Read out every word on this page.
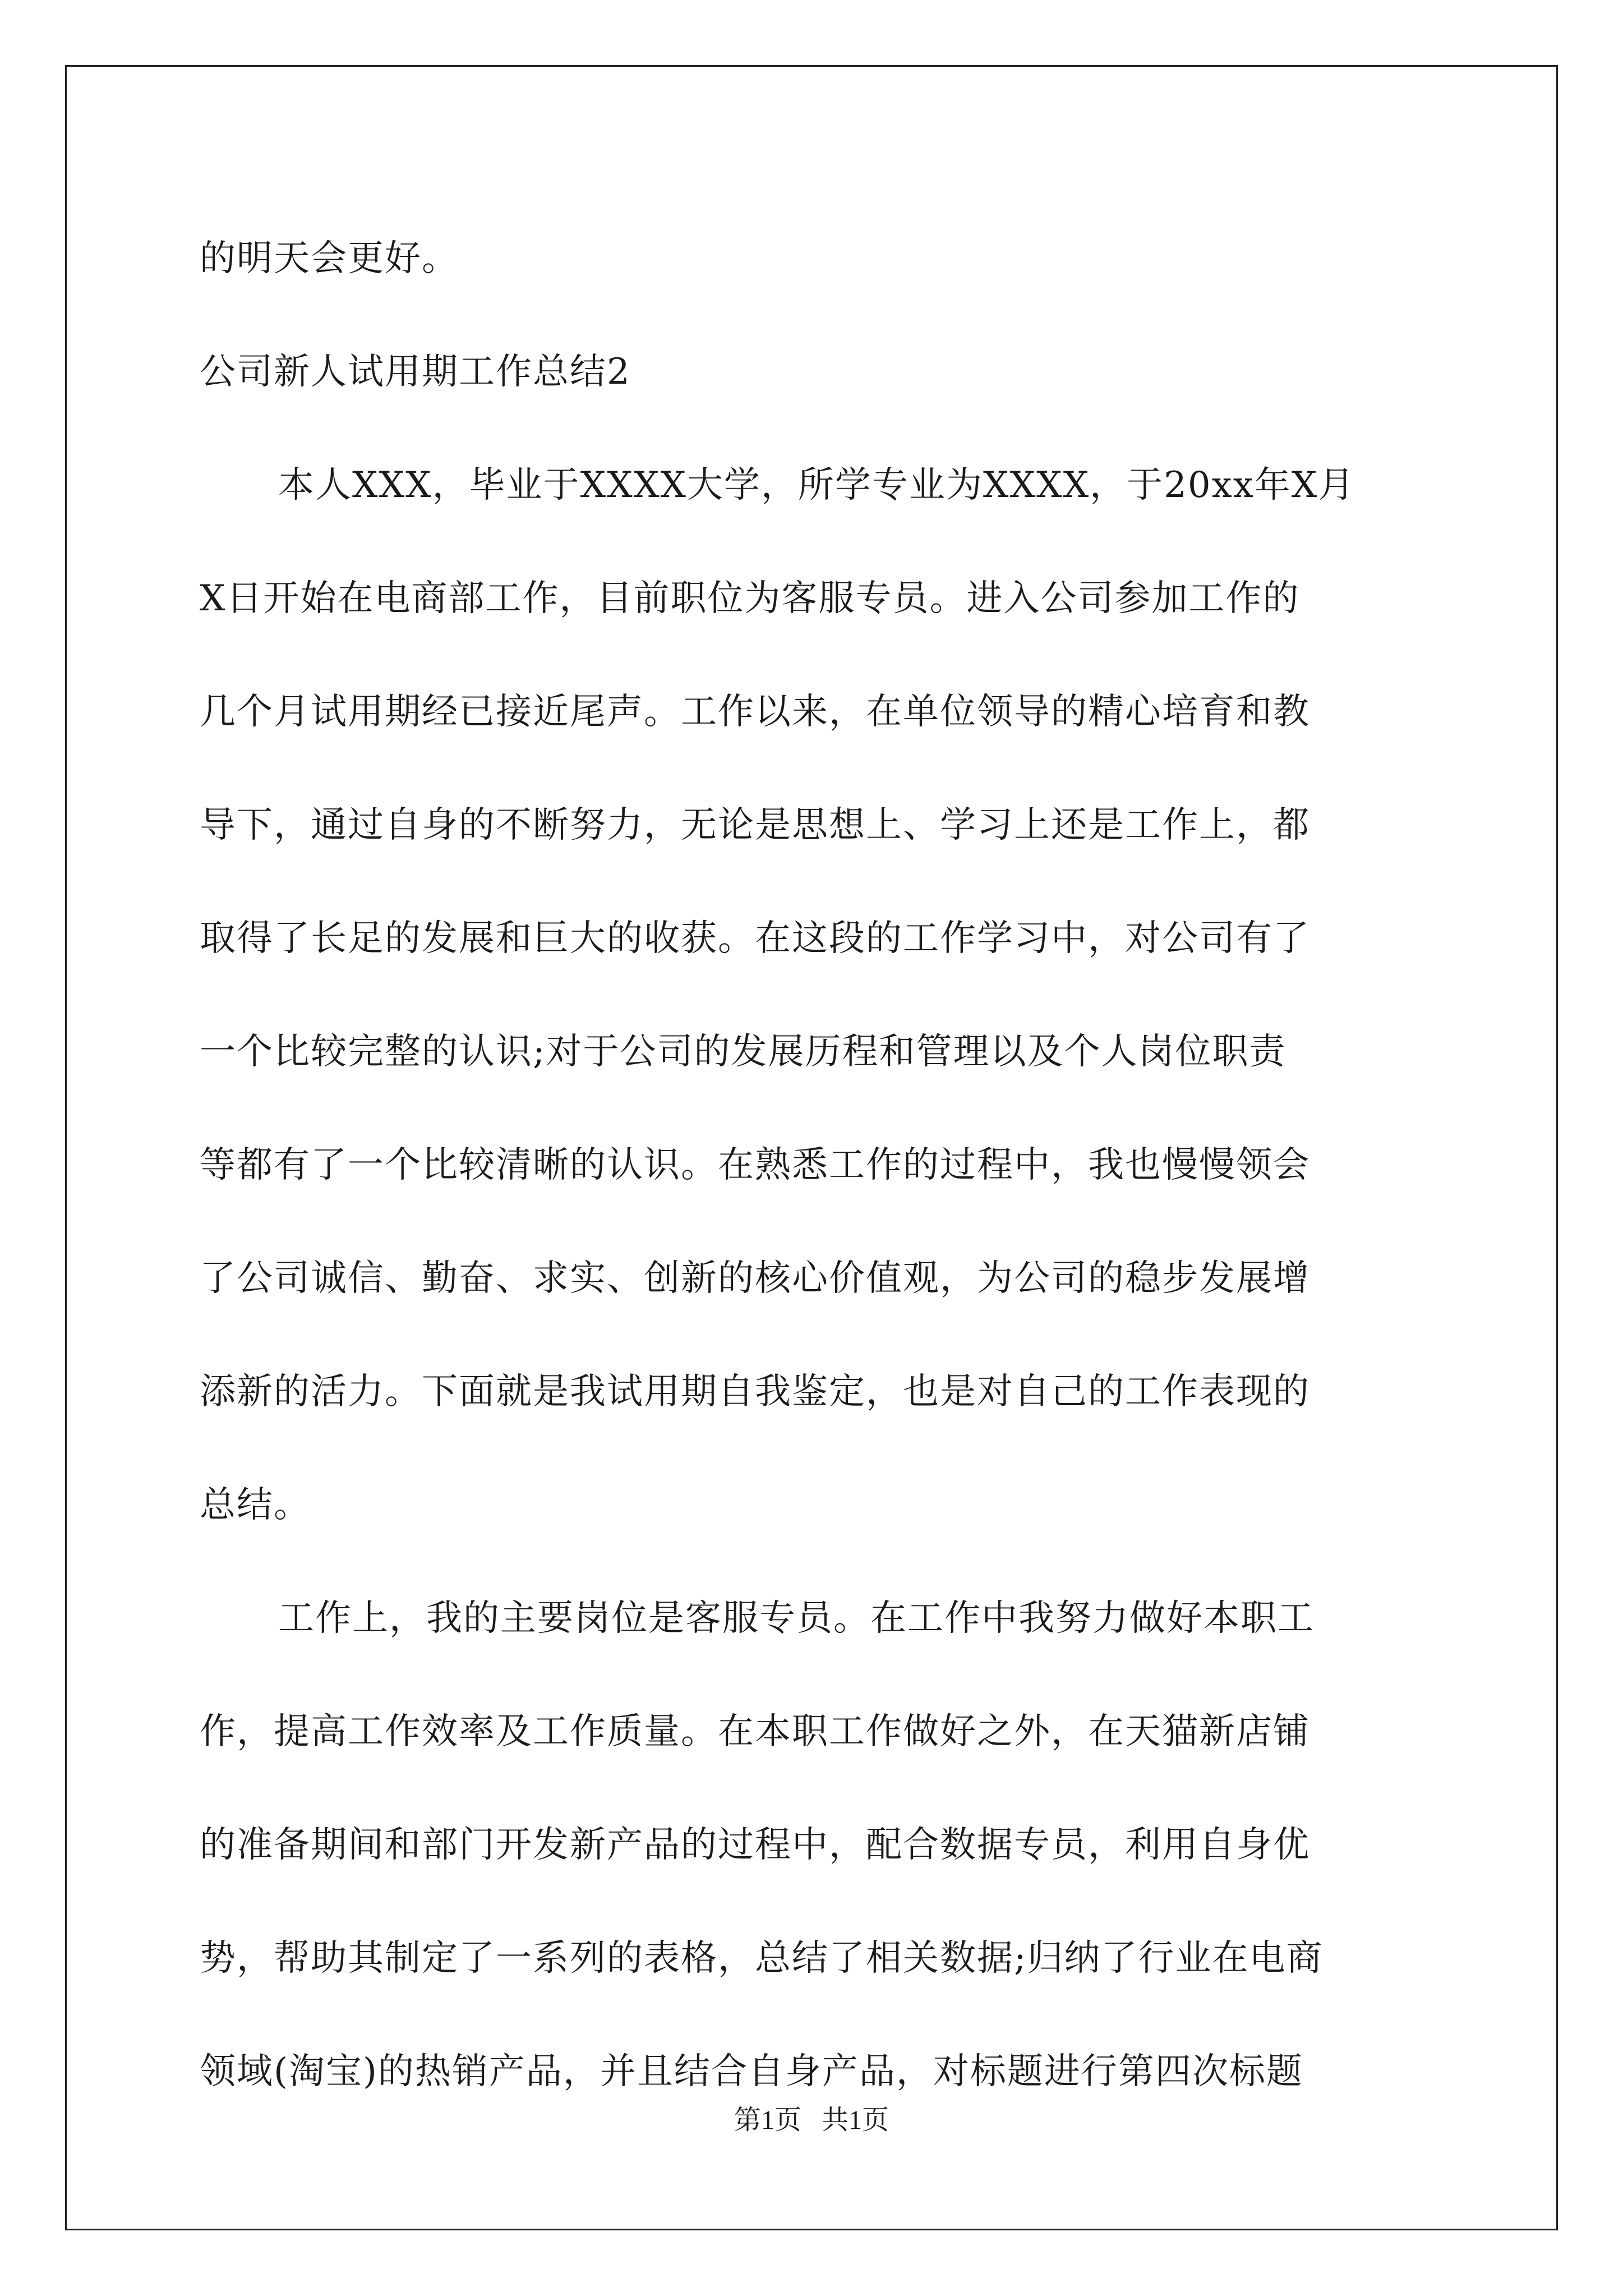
的明天会更好。
公司新人试用期工作总结2
本人XXX，毕业于XXXX大学，所学专业为XXXX，于20xx年X月
X日开始在电商部工作，目前职位为客服专员。进入公司参加工作的
几个月试用期经已接近尾声。工作以来，在单位领导的精心培育和教
导下，通过自身的不断努力，无论是思想上、学习上还是工作上，都
取得了长足的发展和巨大的收获。在这段的工作学习中，对公司有了
一个比较完整的认识;对于公司的发展历程和管理以及个人岗位职责
等都有了一个比较清晰的认识。在熟悉工作的过程中，我也慢慢领会
了公司诚信、勤奋、求实、创新的核心价值观，为公司的稳步发展增
添新的活力。下面就是我试用期自我鉴定，也是对自己的工作表现的
总结。
工作上，我的主要岗位是客服专员。在工作中我努力做好本职工
作，提高工作效率及工作质量。在本职工作做好之外，在天猫新店铺
的准备期间和部门开发新产品的过程中，配合数据专员，利用自身优
势，帮助其制定了一系列的表格，总结了相关数据;归纳了行业在电商
领域(淘宝)的热销产品，并且结合自身产品，对标题进行第四次标题
第1页   共1页
